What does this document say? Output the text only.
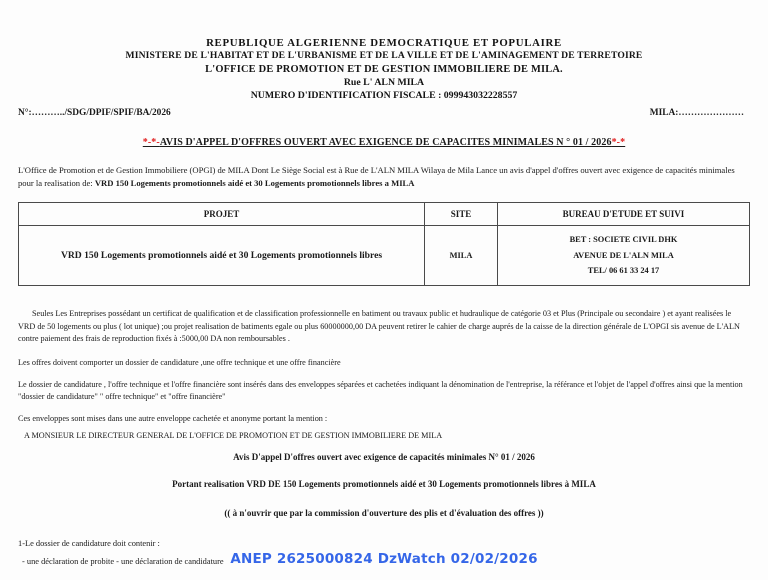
REPUBLIQUE ALGERIENNE DEMOCRATIQUE ET POPULAIRE
MINISTERE DE L'HABITAT ET DE L'URBANISME ET DE LA VILLE ET DE L'AMINAGEMENT DE TERRETOIRE
L'OFFICE DE PROMOTION ET DE GESTION IMMOBILIERE DE MILA.
Rue L' ALN MILA
NUMERO D'IDENTIFICATION FISCALE : 099943032228557
N°:………../SDG/DPIF/SPIF/BA/2026	MILA:…………………
*-*-AVIS D'APPEL D'OFFRES OUVERT AVEC EXIGENCE DE CAPACITES MINIMALES N ° 01 / 2026*-*
L'Office de Promotion et de Gestion Immobiliere (OPGI) de MILA Dont Le Siège Social est à Rue de L'ALN MILA Wilaya de Mila Lance un avis d'appel d'offres ouvert avec exigence de capacités minimales pour la realisation de: VRD 150 Logements promotionnels aidé et 30 Logements promotionnels libres a MILA
PROJET	SITE	BUREAU D'ETUDE ET SUIVI
VRD 150 Logements promotionnels aidé et 30 Logements promotionnels libres	MILA	BET : SOCIETE CIVIL DHK
AVENUE DE L'ALN MILA
TEL/ 06 61 33 24 17

Seules Les Entreprises possédant un certificat de qualification et de classification professionnelle en batiment ou travaux public et hudraulique de catégorie 03 et Plus (Principale ou secondaire ) et ayant realisées le VRD de 50 logements ou plus ( lot unique) ;ou projet realisation de batiments egale ou plus 60000000,00 DA peuvent retirer le cahier de charge auprés de la caisse de la direction générale de L'OPGI sis avenue de L'ALN contre paiement des frais de reproduction fixés à :5000,00 DA non remboursables .

Les offres doivent comporter un dossier de candidature ,une offre technique et une offre financière

Le dossier de candidature , l'offre technique et l'offre financière sont insérés dans des enveloppes séparées et cachetées indiquant la dénomination de l'entreprise, la référance et l'objet de l'appel d'offres ainsi que la mention "dossier de candidature" " offre technique" et "offre financière"

Ces enveloppes sont mises dans une autre enveloppe cachetée et anonyme portant la mention :

A MONSIEUR LE DIRECTEUR GENERAL DE L'OFFICE DE PROMOTION ET DE GESTION IMMOBILIERE DE MILA

Avis D'appel D'offres ouvert avec exigence de capacités minimales N° 01 / 2026
Portant realisation VRD DE 150 Logements promotionnels aidé et 30 Logements promotionnels libres à MILA
(( à n'ouvrir que par la commission d'ouverture des plis et d'évaluation des offres ))
1-Le dossier de candidature doit contenir :
- une déclaration de probite - une déclaration de candidature ANEP 2625000824 DzWatch 02/02/2026
